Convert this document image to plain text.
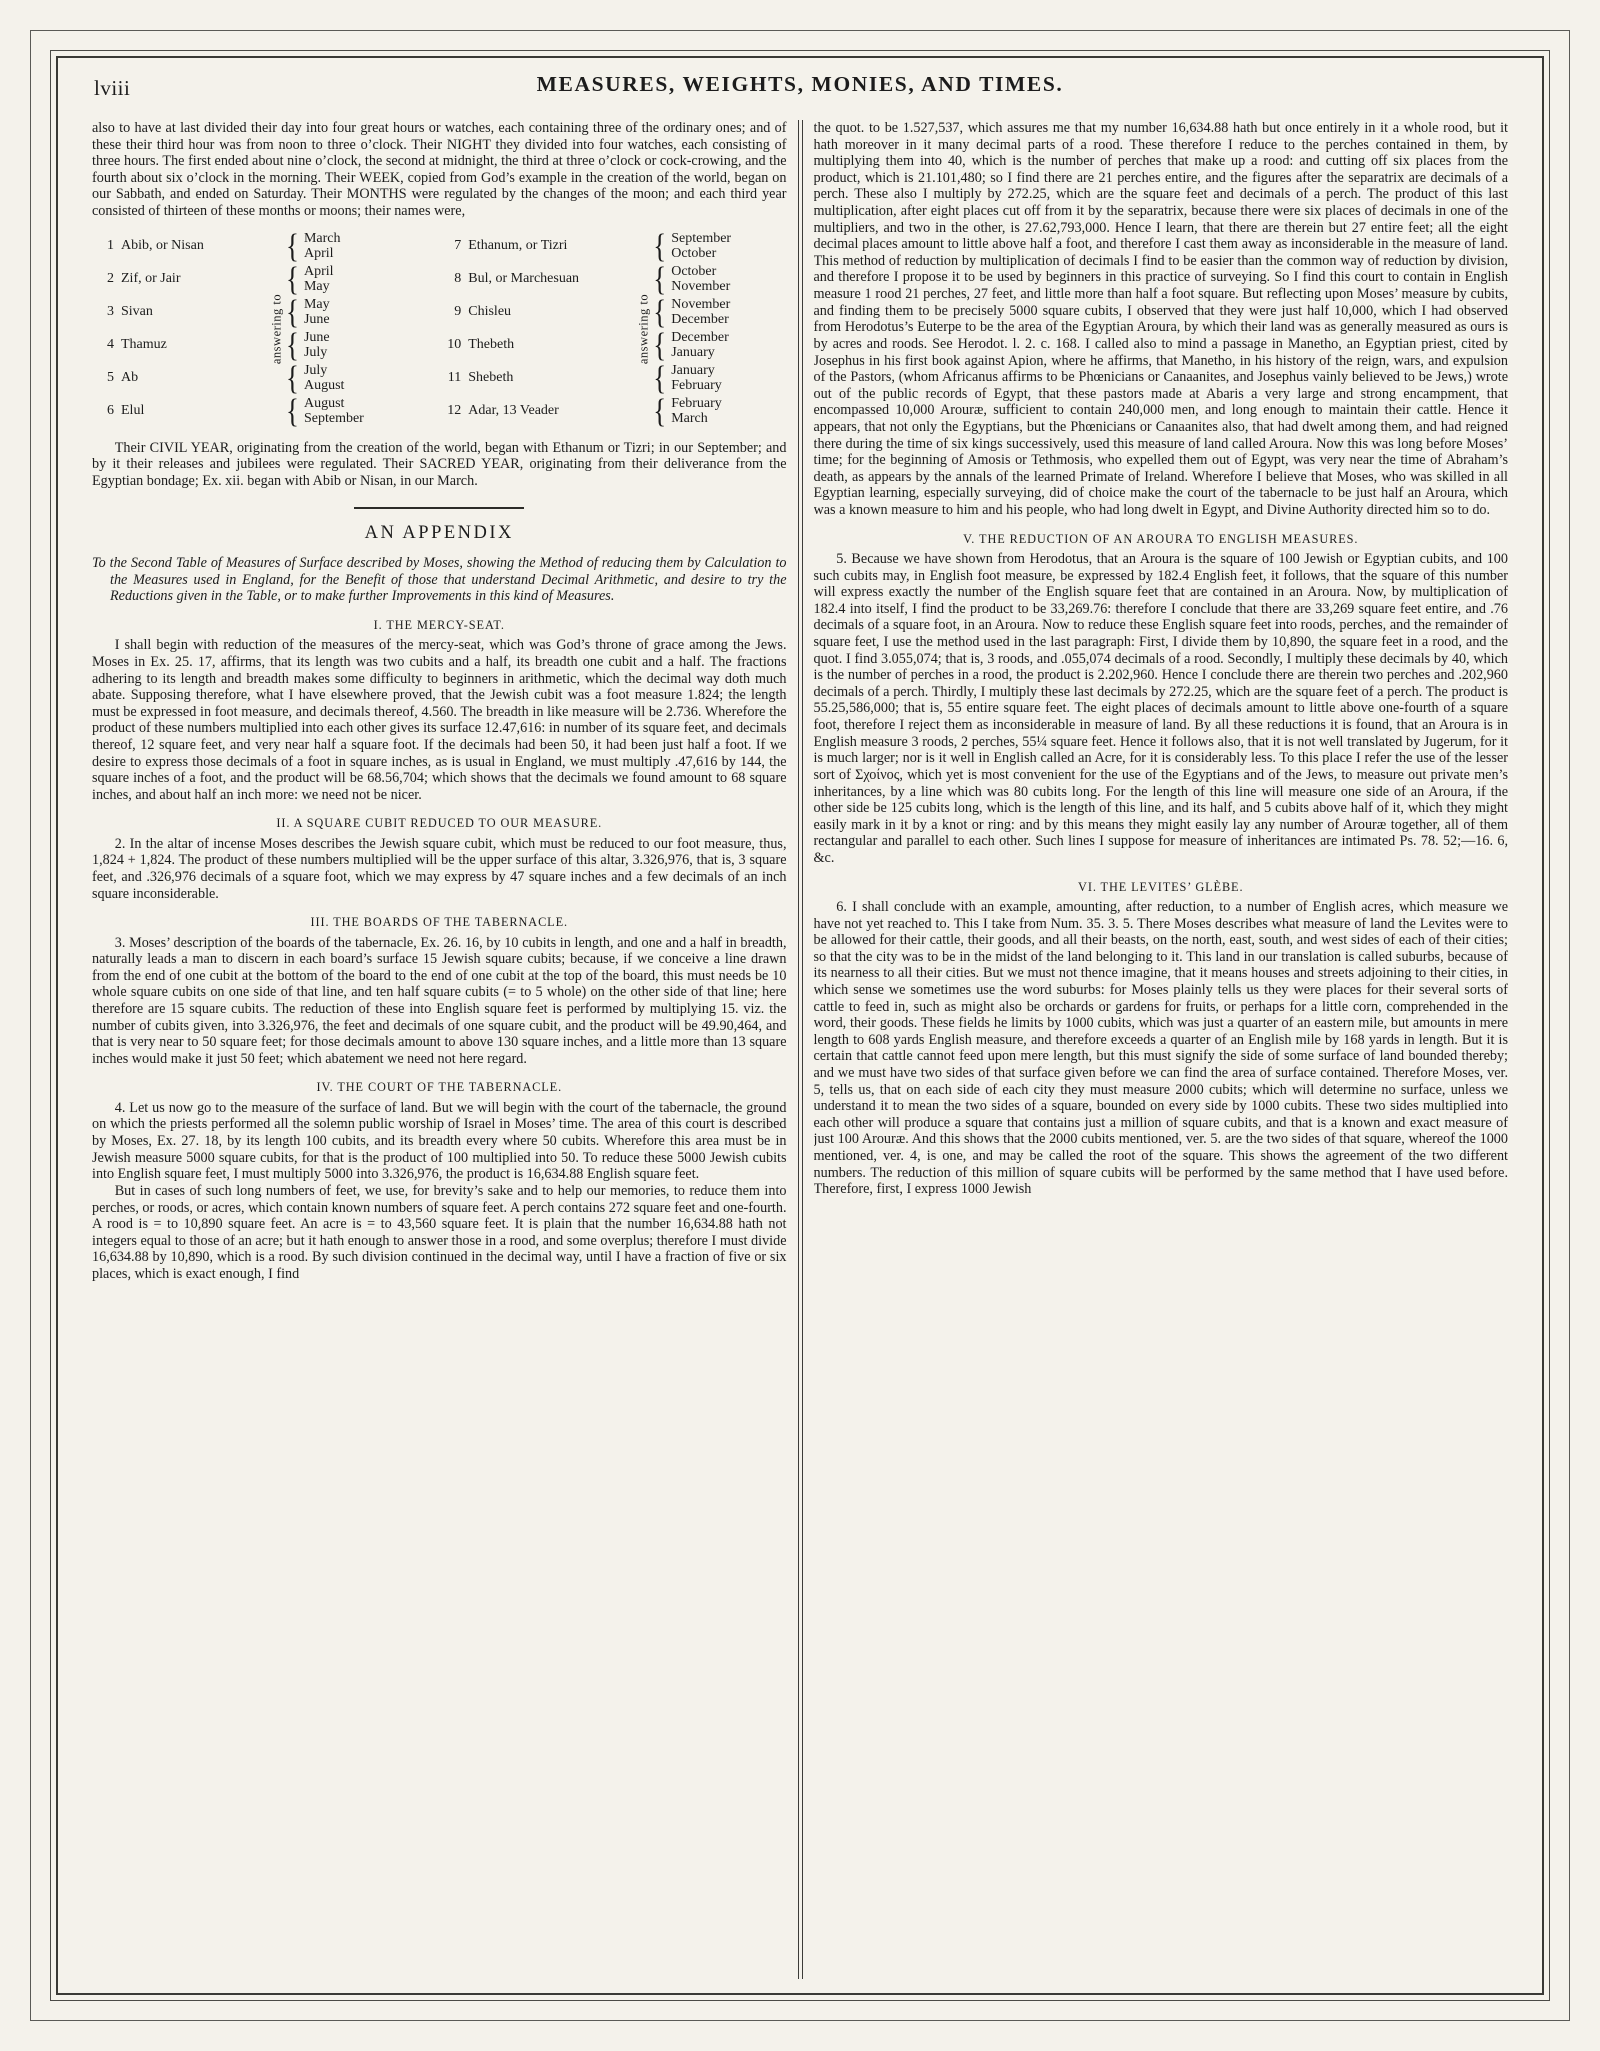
lviii	MEASURES, WEIGHTS, MONIES, AND TIMES.

also to have at last divided their day into four great hours or watches, each containing three of the ordinary ones; and of these their third hour was from noon to three o’clock. Their NIGHT they divided into four watches, each consisting of three hours. The first ended about nine o’clock, the second at midnight, the third at three o’clock or cock-crowing, and the fourth about six o’clock in the morning. Their WEEK, copied from God’s example in the creation of the world, began on our Sabbath, and ended on Saturday. Their MONTHS were regulated by the changes of the moon; and each third year consisted of thirteen of these months or moons; their names were,

1 Abib, or Nisan
2 Zif, or Jair
3 Sivan
4 Thamuz
5 Ab
6 Elul
answering to
{ March
April
{ April
May
{ May
June
{ June
July
{ July
August
{ August
September
7 Ethanum, or Tizri
8 Bul, or Marchesuan
9 Chisleu
10 Thebeth
11 Shebeth
12 Adar, 13 Veader
answering to
{ September
October
{ October
November
{ November
December
{ December
January
{ January
February
{ February
March

Their CIVIL YEAR, originating from the creation of the world, began with Ethanum or Tizri; in our September; and by it their releases and jubilees were regulated. Their SACRED YEAR, originating from their deliverance from the Egyptian bondage; Ex. xii. began with Abib or Nisan, in our March.

AN APPENDIX

To the Second Table of Measures of Surface described by Moses, showing the Method of reducing them by Calculation to the Measures used in England, for the Benefit of those that understand Decimal Arithmetic, and desire to try the Reductions given in the Table, or to make further Improvements in this kind of Measures.

I. THE MERCY-SEAT.

I shall begin with reduction of the measures of the mercy-seat, which was God’s throne of grace among the Jews. Moses in Ex. 25. 17, affirms, that its length was two cubits and a half, its breadth one cubit and a half. The fractions adhering to its length and breadth makes some difficulty to beginners in arithmetic, which the decimal way doth much abate. Supposing therefore, what I have elsewhere proved, that the Jewish cubit was a foot measure 1.824; the length must be expressed in foot measure, and decimals thereof, 4.560. The breadth in like measure will be 2.736. Wherefore the product of these numbers multiplied into each other gives its surface 12.47,616: in number of its square feet, and decimals thereof, 12 square feet, and very near half a square foot. If the decimals had been 50, it had been just half a foot. If we desire to express those decimals of a foot in square inches, as is usual in England, we must multiply .47,616 by 144, the square inches of a foot, and the product will be 68.56,704; which shows that the decimals we found amount to 68 square inches, and about half an inch more: we need not be nicer.

II. A SQUARE CUBIT REDUCED TO OUR MEASURE.

2. In the altar of incense Moses describes the Jewish square cubit, which must be reduced to our foot measure, thus, 1,824 + 1,824. The product of these numbers multiplied will be the upper surface of this altar, 3.326,976, that is, 3 square feet, and .326,976 decimals of a square foot, which we may express by 47 square inches and a few decimals of an inch square inconsiderable.

III. THE BOARDS OF THE TABERNACLE.

3. Moses’ description of the boards of the tabernacle, Ex. 26. 16, by 10 cubits in length, and one and a half in breadth, naturally leads a man to discern in each board’s surface 15 Jewish square cubits; because, if we conceive a line drawn from the end of one cubit at the bottom of the board to the end of one cubit at the top of the board, this must needs be 10 whole square cubits on one side of that line, and ten half square cubits (= to 5 whole) on the other side of that line; here therefore are 15 square cubits. The reduction of these into English square feet is performed by multiplying 15. viz. the number of cubits given, into 3.326,976, the feet and decimals of one square cubit, and the product will be 49.90,464, and that is very near to 50 square feet; for those decimals amount to above 130 square inches, and a little more than 13 square inches would make it just 50 feet; which abatement we need not here regard.

IV. THE COURT OF THE TABERNACLE.

4. Let us now go to the measure of the surface of land. But we will begin with the court of the tabernacle, the ground on which the priests performed all the solemn public worship of Israel in Moses’ time. The area of this court is described by Moses, Ex. 27. 18, by its length 100 cubits, and its breadth every where 50 cubits. Wherefore this area must be in Jewish measure 5000 square cubits, for that is the product of 100 multiplied into 50. To reduce these 5000 Jewish cubits into English square feet, I must multiply 5000 into 3.326,976, the product is 16,634.88 English square feet.

But in cases of such long numbers of feet, we use, for brevity’s sake and to help our memories, to reduce them into perches, or roods, or acres, which contain known numbers of square feet. A perch contains 272 square feet and one-fourth. A rood is = to 10,890 square feet. An acre is = to 43,560 square feet. It is plain that the number 16,634.88 hath not integers equal to those of an acre; but it hath enough to answer those in a rood, and some overplus; therefore I must divide 16,634.88 by 10,890, which is a rood. By such division continued in the decimal way, until I have a fraction of five or six places, which is exact enough, I find

the quot. to be 1.527,537, which assures me that my number 16,634.88 hath but once entirely in it a whole rood, but it hath moreover in it many decimal parts of a rood. These therefore I reduce to the perches contained in them, by multiplying them into 40, which is the number of perches that make up a rood: and cutting off six places from the product, which is 21.101,480; so I find there are 21 perches entire, and the figures after the separatrix are decimals of a perch. These also I multiply by 272.25, which are the square feet and decimals of a perch. The product of this last multiplication, after eight places cut off from it by the separatrix, because there were six places of decimals in one of the multipliers, and two in the other, is 27.62,793,000. Hence I learn, that there are therein but 27 entire feet; all the eight decimal places amount to little above half a foot, and therefore I cast them away as inconsiderable in the measure of land. This method of reduction by multiplication of decimals I find to be easier than the common way of reduction by division, and therefore I propose it to be used by beginners in this practice of surveying. So I find this court to contain in English measure 1 rood 21 perches, 27 feet, and little more than half a foot square. But reflecting upon Moses’ measure by cubits, and finding them to be precisely 5000 square cubits, I observed that they were just half 10,000, which I had observed from Herodotus’s Euterpe to be the area of the Egyptian Aroura, by which their land was as generally measured as ours is by acres and roods. See Herodot. l. 2. c. 168. I called also to mind a passage in Manetho, an Egyptian priest, cited by Josephus in his first book against Apion, where he affirms, that Manetho, in his history of the reign, wars, and expulsion of the Pastors, (whom Africanus affirms to be Phœnicians or Canaanites, and Josephus vainly believed to be Jews,) wrote out of the public records of Egypt, that these pastors made at Abaris a very large and strong encampment, that encompassed 10,000 Arouræ, sufficient to contain 240,000 men, and long enough to maintain their cattle. Hence it appears, that not only the Egyptians, but the Phœnicians or Canaanites also, that had dwelt among them, and had reigned there during the time of six kings successively, used this measure of land called Aroura. Now this was long before Moses’ time; for the beginning of Amosis or Tethmosis, who expelled them out of Egypt, was very near the time of Abraham’s death, as appears by the annals of the learned Primate of Ireland. Wherefore I believe that Moses, who was skilled in all Egyptian learning, especially surveying, did of choice make the court of the tabernacle to be just half an Aroura, which was a known measure to him and his people, who had long dwelt in Egypt, and Divine Authority directed him so to do.

V. THE REDUCTION OF AN AROURA TO ENGLISH MEASURES.

5. Because we have shown from Herodotus, that an Aroura is the square of 100 Jewish or Egyptian cubits, and 100 such cubits may, in English foot measure, be expressed by 182.4 English feet, it follows, that the square of this number will express exactly the number of the English square feet that are contained in an Aroura. Now, by multiplication of 182.4 into itself, I find the product to be 33,269.76: therefore I conclude that there are 33,269 square feet entire, and .76 decimals of a square foot, in an Aroura. Now to reduce these English square feet into roods, perches, and the remainder of square feet, I use the method used in the last paragraph: First, I divide them by 10,890, the square feet in a rood, and the quot. I find 3.055,074; that is, 3 roods, and .055,074 decimals of a rood. Secondly, I multiply these decimals by 40, which is the number of perches in a rood, the product is 2.202,960. Hence I conclude there are therein two perches and .202,960 decimals of a perch. Thirdly, I multiply these last decimals by 272.25, which are the square feet of a perch. The product is 55.25,586,000; that is, 55 entire square feet. The eight places of decimals amount to little above one-fourth of a square foot, therefore I reject them as inconsiderable in measure of land. By all these reductions it is found, that an Aroura is in English measure 3 roods, 2 perches, 55¼ square feet. Hence it follows also, that it is not well translated by Jugerum, for it is much larger; nor is it well in English called an Acre, for it is considerably less. To this place I refer the use of the lesser sort of Σχοίνος, which yet is most convenient for the use of the Egyptians and of the Jews, to measure out private men’s inheritances, by a line which was 80 cubits long. For the length of this line will measure one side of an Aroura, if the other side be 125 cubits long, which is the length of this line, and its half, and 5 cubits above half of it, which they might easily mark in it by a knot or ring: and by this means they might easily lay any number of Arouræ together, all of them rectangular and parallel to each other. Such lines I suppose for measure of inheritances are intimated Ps. 78. 52;—16. 6, &c.

VI. THE LEVITES’ GLÈBE.

6. I shall conclude with an example, amounting, after reduction, to a number of English acres, which measure we have not yet reached to. This I take from Num. 35. 3. 5. There Moses describes what measure of land the Levites were to be allowed for their cattle, their goods, and all their beasts, on the north, east, south, and west sides of each of their cities; so that the city was to be in the midst of the land belonging to it. This land in our translation is called suburbs, because of its nearness to all their cities. But we must not thence imagine, that it means houses and streets adjoining to their cities, in which sense we sometimes use the word suburbs: for Moses plainly tells us they were places for their several sorts of cattle to feed in, such as might also be orchards or gardens for fruits, or perhaps for a little corn, comprehended in the word, their goods. These fields he limits by 1000 cubits, which was just a quarter of an eastern mile, but amounts in mere length to 608 yards English measure, and therefore exceeds a quarter of an English mile by 168 yards in length. But it is certain that cattle cannot feed upon mere length, but this must signify the side of some surface of land bounded thereby; and we must have two sides of that surface given before we can find the area of surface contained. Therefore Moses, ver. 5, tells us, that on each side of each city they must measure 2000 cubits; which will determine no surface, unless we understand it to mean the two sides of a square, bounded on every side by 1000 cubits. These two sides multiplied into each other will produce a square that contains just a million of square cubits, and that is a known and exact measure of just 100 Arouræ. And this shows that the 2000 cubits mentioned, ver. 5. are the two sides of that square, whereof the 1000 mentioned, ver. 4, is one, and may be called the root of the square. This shows the agreement of the two different numbers. The reduction of this million of square cubits will be performed by the same method that I have used before. Therefore, first, I express 1000 Jewish
